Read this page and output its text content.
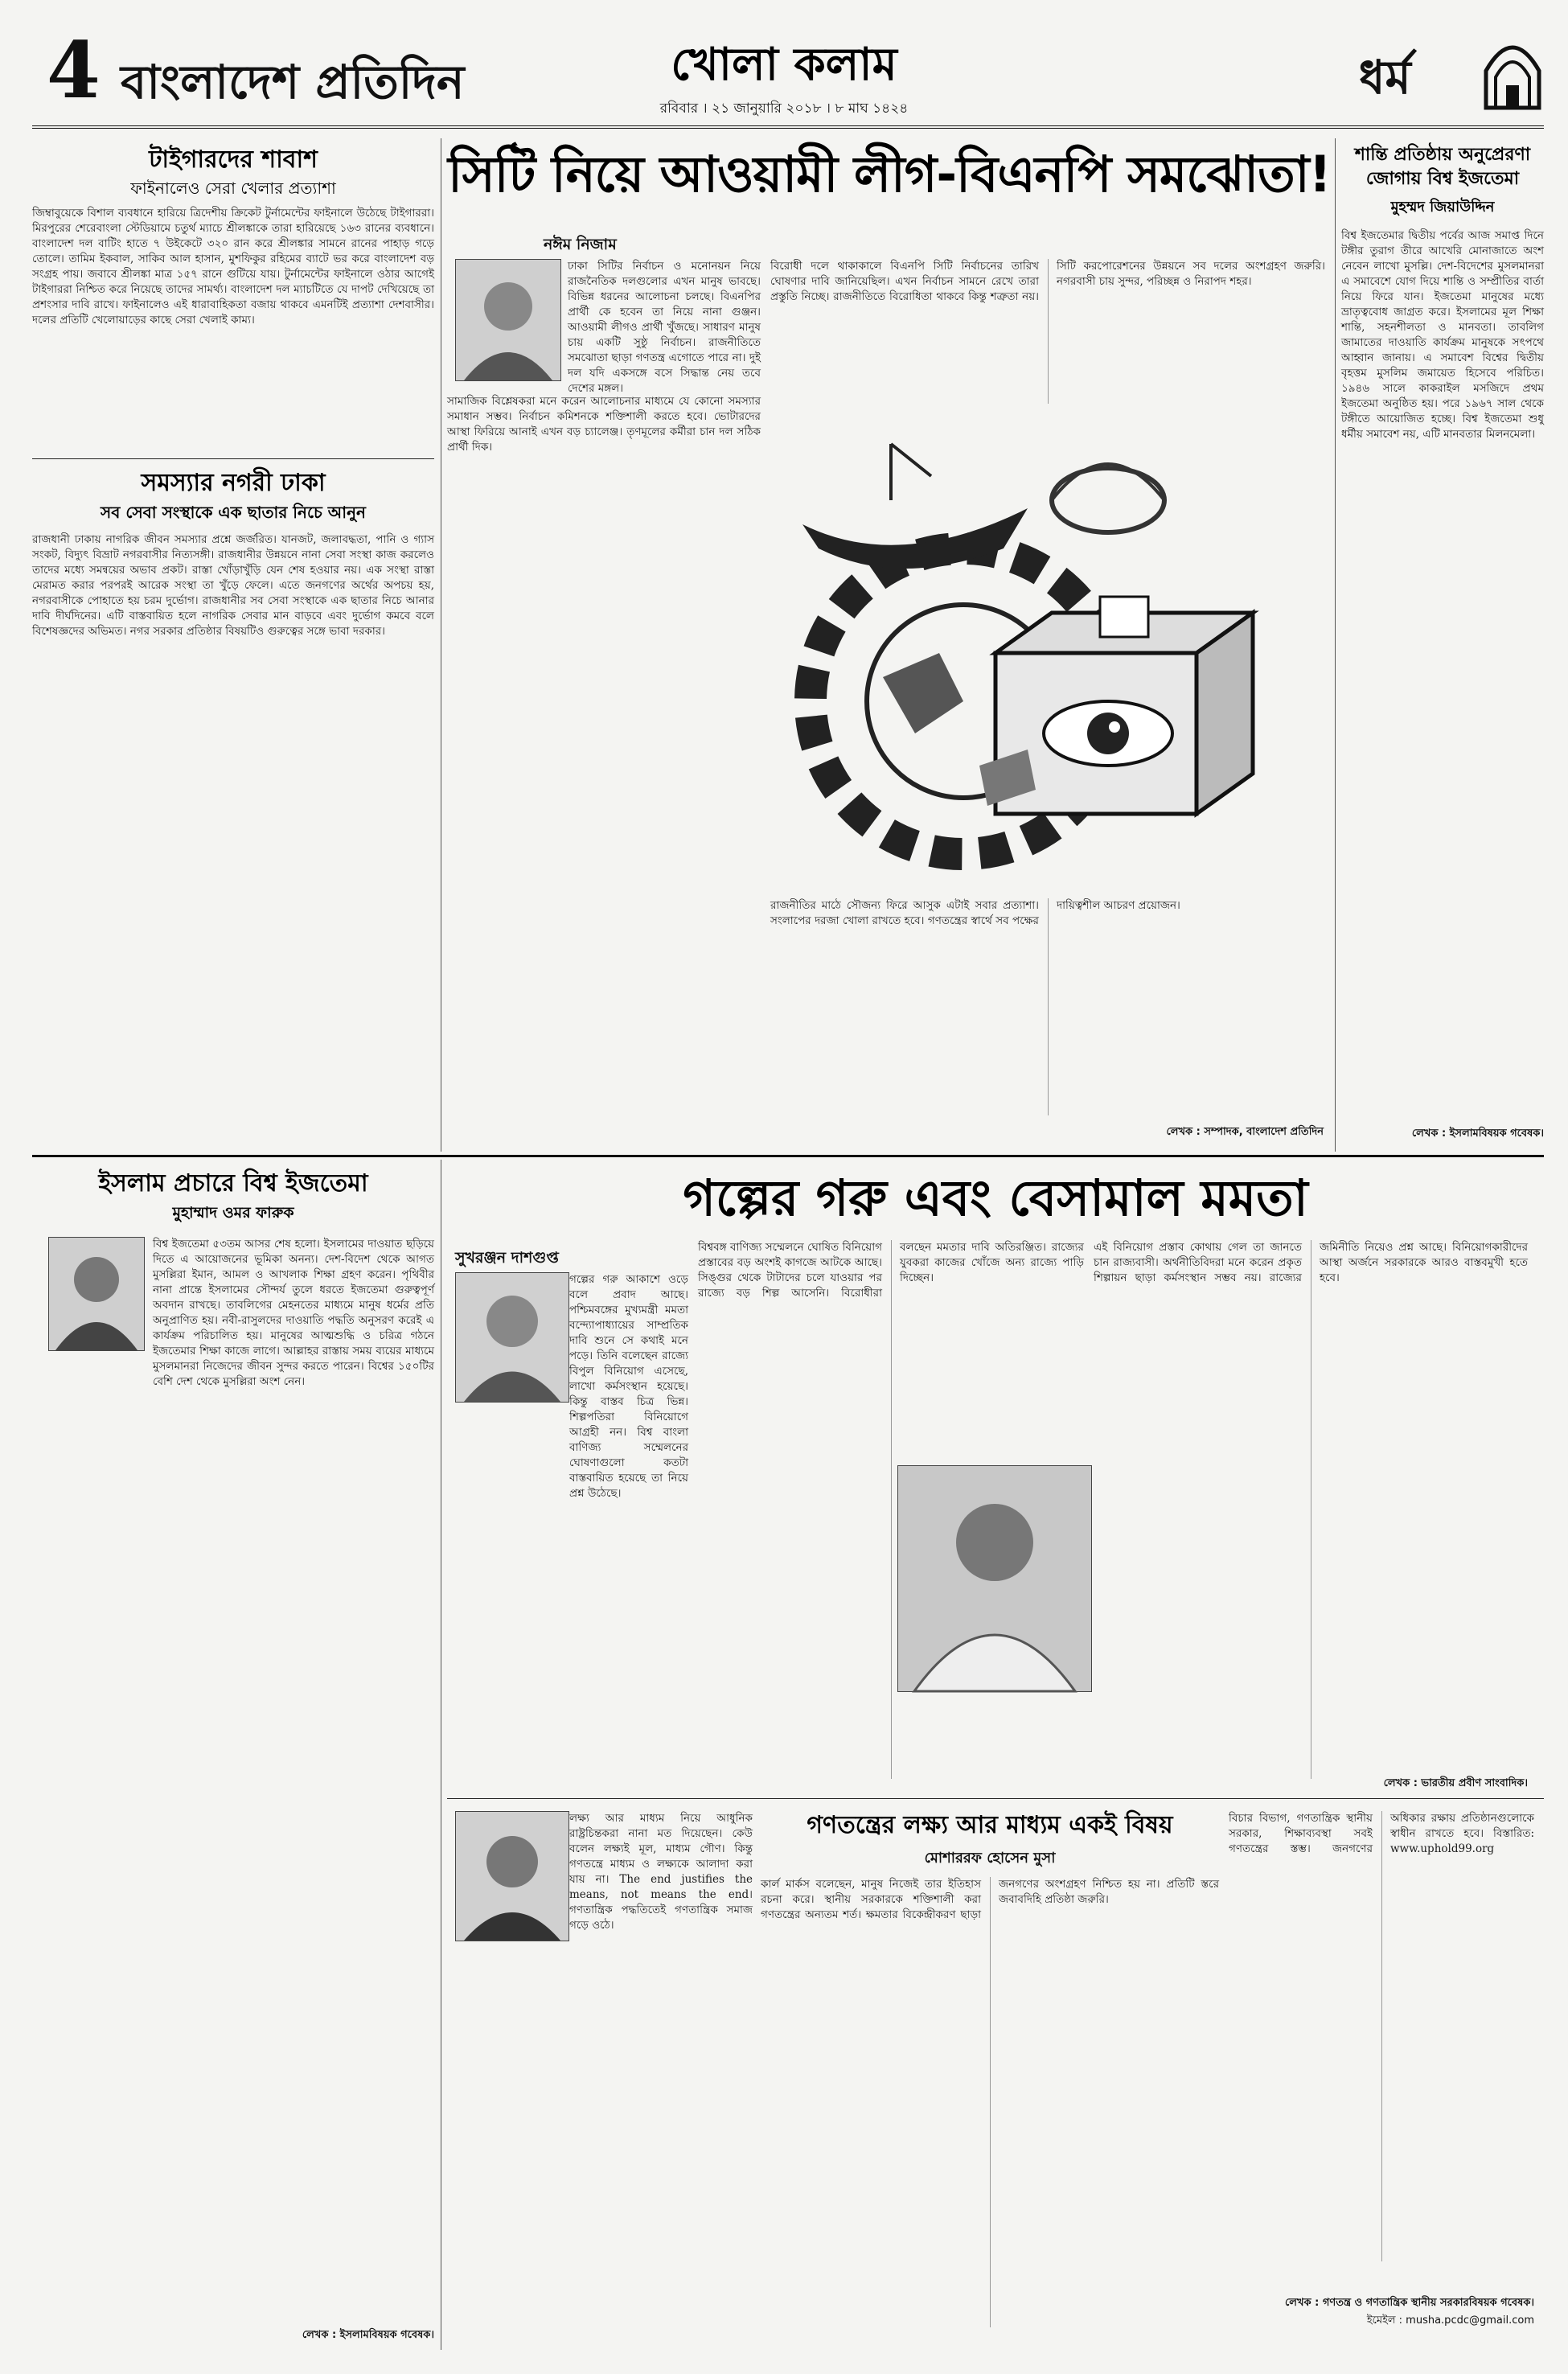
4 বাংলাদেশ প্রতিদিন	খোলা কলাম
রবিবার । ২১ জানুয়ারি ২০১৮ । ৮ মাঘ ১৪২৪
ধর্ম
টাইগারদের শাবাশ
ফাইনালেও সেরা খেলার প্রত্যাশা
জিম্বাবুয়েকে বিশাল ব্যবধানে হারিয়ে ত্রিদেশীয় ক্রিকেট টুর্নামেন্টের ফাইনালে উঠেছে টাইগাররা। মিরপুরের শেরেবাংলা স্টেডিয়ামে চতুর্থ ম্যাচে শ্রীলঙ্কাকে তারা হারিয়েছে ১৬৩ রানের ব্যবধানে। বাংলাদেশ দল বাটিং হাতে ৭ উইকেটে ৩২০ রান করে শ্রীলঙ্কার সামনে রানের পাহাড় গড়ে তোলে। তামিম ইকবাল, সাকিব আল হাসান, মুশফিকুর রহিমের ব্যাটে ভর করে বাংলাদেশ বড় সংগ্রহ পায়। জবাবে শ্রীলঙ্কা মাত্র ১৫৭ রানে গুটিয়ে যায়। টুর্নামেন্টের ফাইনালে ওঠার আগেই টাইগাররা নিশ্চিত করে নিয়েছে তাদের সামর্থ্য। বাংলাদেশ দল ম্যাচটিতে যে দাপট দেখিয়েছে তা প্রশংসার দাবি রাখে। ফাইনালেও এই ধারাবাহিকতা বজায় থাকবে এমনটিই প্রত্যাশা দেশবাসীর। দলের প্রতিটি খেলোয়াড়ের কাছে সেরা খেলাই কাম্য।
সমস্যার নগরী ঢাকা
সব সেবা সংস্থাকে এক ছাতার নিচে আনুন
রাজধানী ঢাকায় নাগরিক জীবন সমস্যার প্রশ্নে জর্জরিত। যানজট, জলাবদ্ধতা, পানি ও গ্যাস সংকট, বিদ্যুৎ বিভ্রাট নগরবাসীর নিত্যসঙ্গী। রাজধানীর উন্নয়নে নানা সেবা সংস্থা কাজ করলেও তাদের মধ্যে সমন্বয়ের অভাব প্রকট। রাস্তা খোঁড়াখুঁড়ি যেন শেষ হওয়ার নয়। এক সংস্থা রাস্তা মেরামত করার পরপরই আরেক সংস্থা তা খুঁড়ে ফেলে। এতে জনগণের অর্থের অপচয় হয়, নগরবাসীকে পোহাতে হয় চরম দুর্ভোগ। রাজধানীর সব সেবা সংস্থাকে এক ছাতার নিচে আনার দাবি দীর্ঘদিনের। এটি বাস্তবায়িত হলে নাগরিক সেবার মান বাড়বে এবং দুর্ভোগ কমবে বলে বিশেষজ্ঞদের অভিমত। নগর সরকার প্রতিষ্ঠার বিষয়টিও গুরুত্বের সঙ্গে ভাবা দরকার।
সিটি নিয়ে আওয়ামী লীগ-বিএনপি সমঝোতা!
নঈম নিজাম
ঢাকা সিটির নির্বাচন ও মনোনয়ন নিয়ে রাজনৈতিক দলগুলোর এখন মানুষ ভাবছে। বিভিন্ন ধরনের আলোচনা চলছে। বিএনপির প্রার্থী কে হবেন তা নিয়ে নানা গুঞ্জন। আওয়ামী লীগও প্রার্থী খুঁজছে। সাধারণ মানুষ চায় একটি সুষ্ঠু নির্বাচন। রাজনীতিতে সমঝোতা ছাড়া গণতন্ত্র এগোতে পারে না। দুই দল যদি একসঙ্গে বসে সিদ্ধান্ত নেয় তবে দেশের মঙ্গল।
সামাজিক বিশ্লেষকরা মনে করেন আলোচনার মাধ্যমে যে কোনো সমস্যার সমাধান সম্ভব। নির্বাচন কমিশনকে শক্তিশালী করতে হবে। ভোটারদের আস্থা ফিরিয়ে আনাই এখন বড় চ্যালেঞ্জ। তৃণমূলের কর্মীরা চান দল সঠিক প্রার্থী দিক।
বিরোধী দলে থাকাকালে বিএনপি সিটি নির্বাচনের তারিখ ঘোষণার দাবি জানিয়েছিল। এখন নির্বাচন সামনে রেখে তারা প্রস্তুতি নিচ্ছে। রাজনীতিতে বিরোধিতা থাকবে কিন্তু শত্রুতা নয়। সিটি করপোরেশনের উন্নয়নে সব দলের অংশগ্রহণ জরুরি। নগরবাসী চায় সুন্দর, পরিচ্ছন্ন ও নিরাপদ শহর।
রাজনীতির মাঠে সৌজন্য ফিরে আসুক এটাই সবার প্রত্যাশা। সংলাপের দরজা খোলা রাখতে হবে। গণতন্ত্রের স্বার্থে সব পক্ষের দায়িত্বশীল আচরণ প্রয়োজন।
লেখক : সম্পাদক, বাংলাদেশ প্রতিদিন
শান্তি প্রতিষ্ঠায় অনুপ্রেরণা জোগায় বিশ্ব ইজতেমা
মুহম্মদ জিয়াউদ্দিন
বিশ্ব ইজতেমার দ্বিতীয় পর্বের আজ সমাপ্ত দিনে টঙ্গীর তুরাগ তীরে আখেরি মোনাজাতে অংশ নেবেন লাখো মুসল্লি। দেশ-বিদেশের মুসলমানরা এ সমাবেশে যোগ দিয়ে শান্তি ও সম্প্রীতির বার্তা নিয়ে ফিরে যান। ইজতেমা মানুষের মধ্যে ভ্রাতৃত্ববোধ জাগ্রত করে। ইসলামের মূল শিক্ষা শান্তি, সহনশীলতা ও মানবতা। তাবলিগ জামাতের দাওয়াতি কার্যক্রম মানুষকে সৎপথে আহ্বান জানায়। এ সমাবেশ বিশ্বের দ্বিতীয় বৃহত্তম মুসলিম জমায়েত হিসেবে পরিচিত। ১৯৪৬ সালে কাকরাইল মসজিদে প্রথম ইজতেমা অনুষ্ঠিত হয়। পরে ১৯৬৭ সাল থেকে টঙ্গীতে আয়োজিত হচ্ছে। বিশ্ব ইজতেমা শুধু ধর্মীয় সমাবেশ নয়, এটি মানবতার মিলনমেলা।
লেখক : ইসলামবিষয়ক গবেষক।
ইসলাম প্রচারে বিশ্ব ইজতেমা
মুহাম্মাদ ওমর ফারুক
বিশ্ব ইজতেমা ৫৩তম আসর শেষ হলো। ইসলামের দাওয়াত ছড়িয়ে দিতে এ আয়োজনের ভূমিকা অনন্য। দেশ-বিদেশ থেকে আগত মুসল্লিরা ইমান, আমল ও আখলাক শিক্ষা গ্রহণ করেন। পৃথিবীর নানা প্রান্তে ইসলামের সৌন্দর্য তুলে ধরতে ইজতেমা গুরুত্বপূর্ণ অবদান রাখছে। তাবলিগের মেহনতের মাধ্যমে মানুষ ধর্মের প্রতি অনুপ্রাণিত হয়। নবী-রাসুলদের দাওয়াতি পদ্ধতি অনুসরণ করেই এ কার্যক্রম পরিচালিত হয়। মানুষের আত্মশুদ্ধি ও চরিত্র গঠনে ইজতেমার শিক্ষা কাজে লাগে। আল্লাহর রাস্তায় সময় ব্যয়ের মাধ্যমে মুসলমানরা নিজেদের জীবন সুন্দর করতে পারেন। বিশ্বের ১৫০টির বেশি দেশ থেকে মুসল্লিরা অংশ নেন।
লেখক : ইসলামবিষয়ক গবেষক।
গল্পের গরু এবং বেসামাল মমতা
সুখরঞ্জন দাশগুপ্ত
গল্পের গরু আকাশে ওড়ে বলে প্রবাদ আছে। পশ্চিমবঙ্গের মুখ্যমন্ত্রী মমতা বন্দ্যোপাধ্যায়ের সাম্প্রতিক দাবি শুনে সে কথাই মনে পড়ে। তিনি বলেছেন রাজ্যে বিপুল বিনিয়োগ এসেছে, লাখো কর্মসংস্থান হয়েছে। কিন্তু বাস্তব চিত্র ভিন্ন। শিল্পপতিরা বিনিয়োগে আগ্রহী নন। বিশ্ব বাংলা বাণিজ্য সম্মেলনের ঘোষণাগুলো কতটা বাস্তবায়িত হয়েছে তা নিয়ে প্রশ্ন উঠেছে।
বিশ্ববঙ্গ বাণিজ্য সম্মেলনে ঘোষিত বিনিয়োগ প্রস্তাবের বড় অংশই কাগজে আটকে আছে। সিঙ্গুর থেকে টাটাদের চলে যাওয়ার পর রাজ্যে বড় শিল্প আসেনি। বিরোধীরা বলছেন মমতার দাবি অতিরঞ্জিত। রাজ্যের যুবকরা কাজের খোঁজে অন্য রাজ্যে পাড়ি দিচ্ছেন।
এই বিনিয়োগ প্রস্তাব কোথায় গেল তা জানতে চান রাজ্যবাসী। অর্থনীতিবিদরা মনে করেন প্রকৃত শিল্পায়ন ছাড়া কর্মসংস্থান সম্ভব নয়। রাজ্যের জমিনীতি নিয়েও প্রশ্ন আছে। বিনিয়োগকারীদের আস্থা অর্জনে সরকারকে আরও বাস্তবমুখী হতে হবে।
লেখক : ভারতীয় প্রবীণ সাংবাদিক।
লক্ষ্য আর মাধ্যম নিয়ে আধুনিক রাষ্ট্রচিন্তকরা নানা মত দিয়েছেন। কেউ বলেন লক্ষ্যই মূল, মাধ্যম গৌণ। কিন্তু গণতন্ত্রে মাধ্যম ও লক্ষ্যকে আলাদা করা যায় না। The end justifies the means, not means the end। গণতান্ত্রিক পদ্ধতিতেই গণতান্ত্রিক সমাজ গড়ে ওঠে।
গণতন্ত্রের লক্ষ্য আর মাধ্যম একই বিষয়
মোশাররফ হোসেন মুসা
কার্ল মার্কস বলেছেন, মানুষ নিজেই তার ইতিহাস রচনা করে। স্থানীয় সরকারকে শক্তিশালী করা গণতন্ত্রের অন্যতম শর্ত। ক্ষমতার বিকেন্দ্রীকরণ ছাড়া জনগণের অংশগ্রহণ নিশ্চিত হয় না। প্রতিটি স্তরে জবাবদিহি প্রতিষ্ঠা জরুরি।
বিচার বিভাগ, গণতান্ত্রিক স্থানীয় সরকার, শিক্ষাব্যবস্থা সবই গণতন্ত্রের স্তম্ভ। জনগণের অধিকার রক্ষায় প্রতিষ্ঠানগুলোকে স্বাধীন রাখতে হবে। বিস্তারিত: www.uphold99.org
লেখক : গণতন্ত্র ও গণতান্ত্রিক স্থানীয় সরকারবিষয়ক গবেষক।
ইমেইল : musha.pcdc@gmail.com
